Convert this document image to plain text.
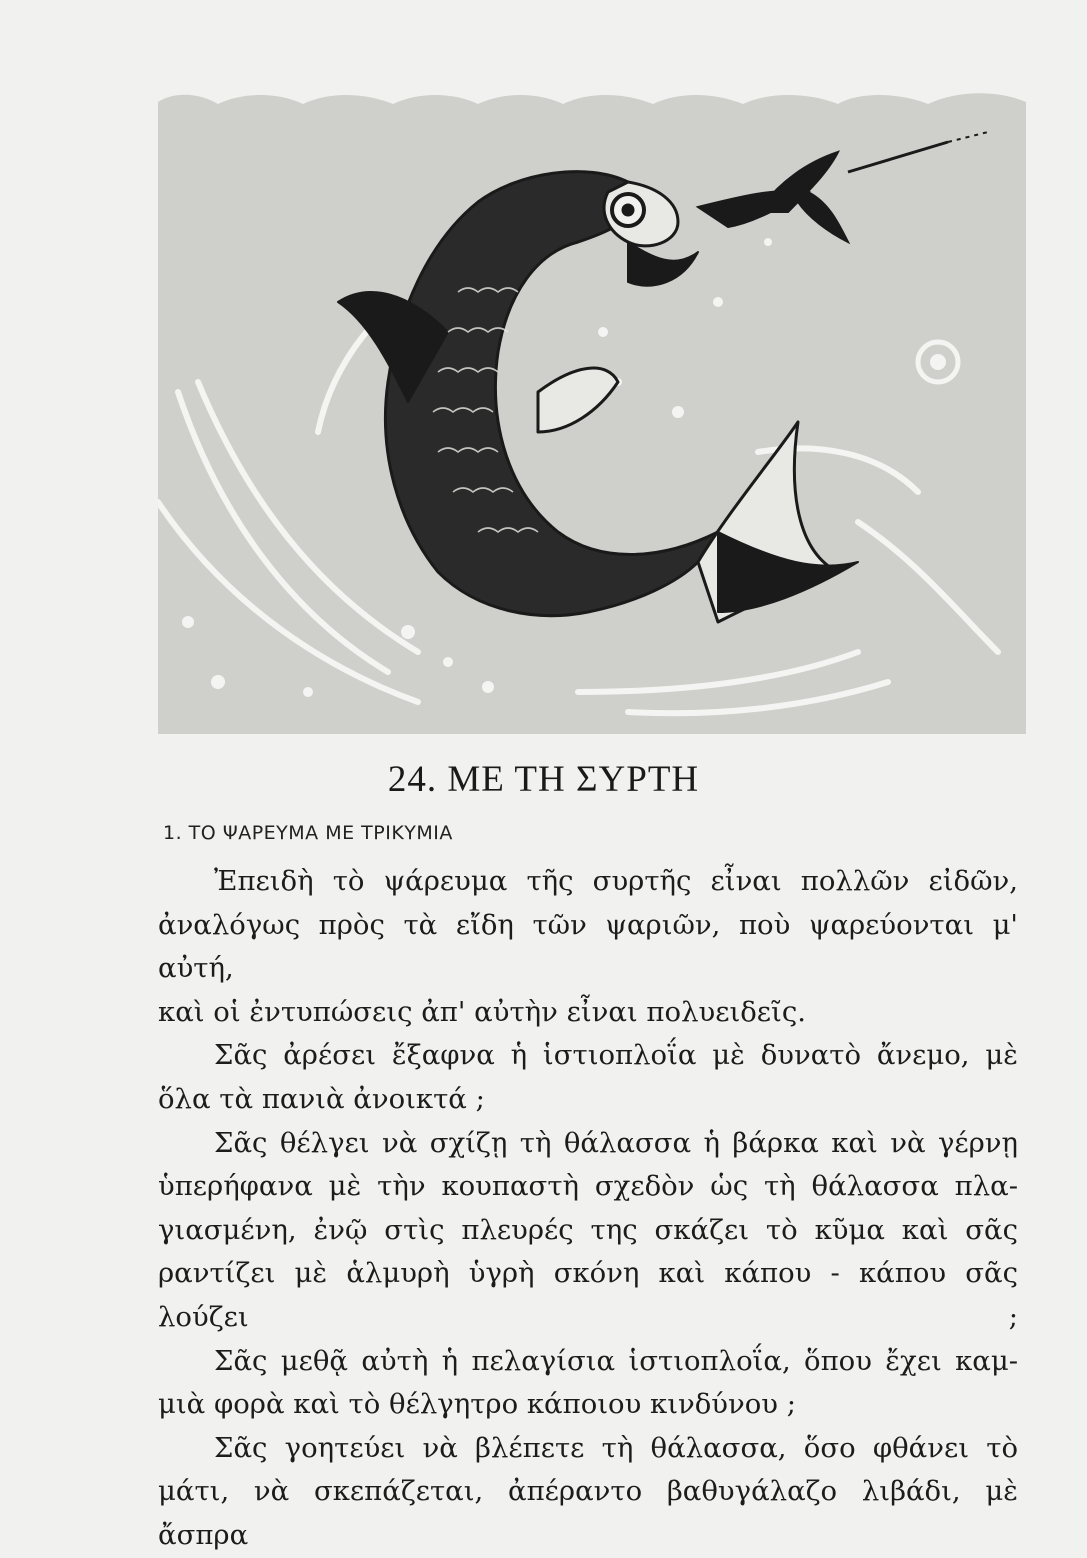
24. ΜΕ ΤΗ ΣΥΡΤΗ
1. ΤΟ ΨΑΡΕΥΜΑ ΜΕ ΤΡΙΚΥΜΙΑ

Ἐπειδὴ τὸ ψάρευμα τῆς συρτῆς εἶναι πολλῶν εἰδῶν,
ἀναλόγως πρὸς τὰ εἴδη τῶν ψαριῶν, ποὺ ψαρεύονται μ' αὐτή,
καὶ οἱ ἐντυπώσεις ἀπ' αὐτὴν εἶναι πολυειδεῖς.

Σᾶς ἀρέσει ἔξαφνα ἡ ἱστιοπλοΐα μὲ δυνατὸ ἄνεμο, μὲ
ὅλα τὰ πανιὰ ἀνοικτά ;

Σᾶς θέλγει νὰ σχίζῃ τὴ θάλασσα ἡ βάρκα καὶ νὰ γέρνῃ
ὑπερήφανα μὲ τὴν κουπαστὴ σχεδὸν ὡς τὴ θάλασσα πλα-
γιασμένη, ἐνῷ στὶς πλευρές της σκάζει τὸ κῦμα καὶ σᾶς
ραντίζει μὲ ἁλμυρὴ ὑγρὴ σκόνη καὶ κάπου - κάπου σᾶς λούζει ;

Σᾶς μεθᾷ αὐτὴ ἡ πελαγίσια ἱστιοπλοΐα, ὅπου ἔχει καμ-
μιὰ φορὰ καὶ τὸ θέλγητρο κάποιου κινδύνου ;

Σᾶς γοητεύει νὰ βλέπετε τὴ θάλασσα, ὅσο φθάνει τὸ
μάτι, νὰ σκεπάζεται, ἀπέραντο βαθυγάλαζο λιβάδι, μὲ ἄσπρα
